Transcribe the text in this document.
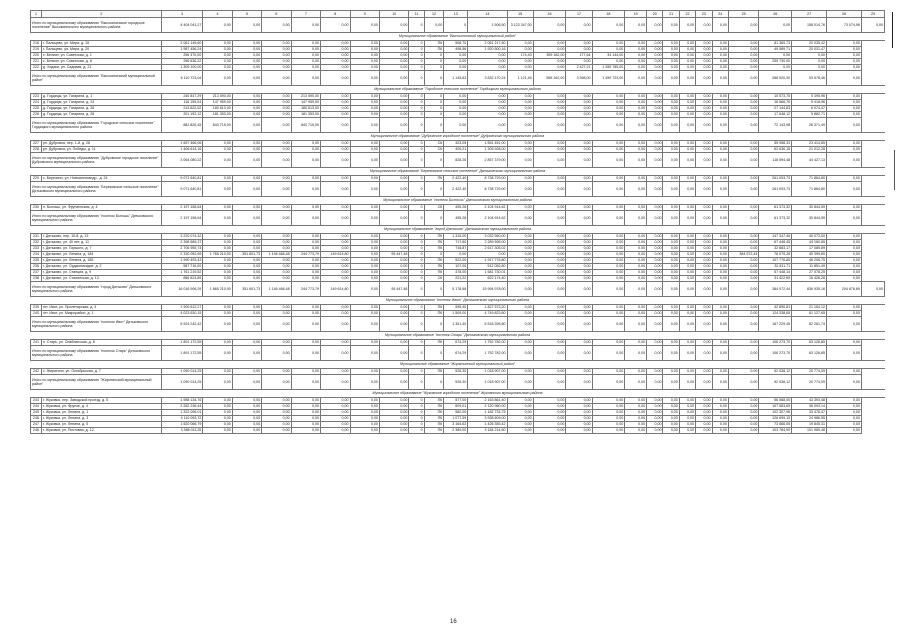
1	2	3	4	5	6	7	8	9	10	11	12	13	14	15	16	17	18	19	20	21	22	23	24	25	26	27	28	29
Итого по муниципальному образованию "Высокиничское городское поселение" Высокиничского муниципального района		4 404 041,27	0,00	0,00	0,00	0,00	0,00	0,00	0,00	0	0,00	X	1 506,50	3 123 347,00	0,00	0,00	0,00	0,00	0,00	0,00	0,00	0,00	0,00	0,00	0,00	158 014,76	73 074,96	0,00
Муниципальное образование "Высокиничский муниципальный район"																												
218	г. Пальцево, ул. Мира, д. 15	2 061 145,60	0,00	0,00	0,00	0,00	0,00	0,00	0,00	0	ПК	508,70	2 061 217,60	0,00	0,00	0,00	0,00	0,00	0,00	0,00	0,00	0,00	0,00	0,00	81 369,73	20 035,42	0,00	
219	г. Пальцево, ул. Мира, д. 20	1 987 456,24	0,00	0,00	0,00	0,00	0,00	0,00	0,00	0	ПК	498,56	1 920 500,16	0,00	0,00	0,00	0,00	0,00	0,00	0,00	0,00	0,00	0,00	0,00	49 589,71	20 031,47	0,00	
220	с. Белкин, ул. Советская, д. 1	256 370,00	0,00	0,00	0,00	0,00	0,00	0,00	0,00	0	X	0,00	0,00	174,43	359 182,00	177,64	34 144,00	0,00	0,00	0,00	0,00	0,00	0,00	0,00	0,00	0,00	0,00	
221	с. Белкин, ул. Советская, д. 8	296 636,22	0,00	0,00	0,00	0,00	0,00	0,00	0,00	0	X	0,00	0,00	0,00	0,00	0,00	0,00	0,00	0,00	0,00	0,00	0,00	0,00	0,00	259 730,00	0,00	0,00	
222	д. Ходаки, ул. Садовая, д. 21	1 309 100,00	0,00	0,00	0,00	0,00	0,00	0,00	0,00	0	X	0,00	0,00	0,00	0,00	2 427,21	1 355 785,00	0,00	0,00	0,00	0,00	0,00	0,00	0,00	0,00	0,00	0,00	
Итого по муниципальному образованию "Высокиничский муниципальный район"		6 110 723,04	0,00	0,00	0,00	0,00	0,00	0,00	0,00	0	X	1 145,62	3 832 170,24	1 121,45	565 162,00	3 398,00	1 459 723,00	0,00	0,00	0,00	0,00	0,00	0,00	0,00	286 520,30	93 578,46	0,00	
Муниципальное образование "Городское сельское поселение" Гордицкого муниципального района																												
223	д. Гордицы, ул. Гагарина, д. 1	240 847,29	213 590,00	0,00	0,00	213 590,00	0,00	0,00	0,00	0	X	0,00	0,00	0,00	0,00	0,00	0,00	0,00	0,00	0,00	0,00	0,00	0,00	0,00	10 573,75	5 395,96	0,00	
224	д. Гордицы, ул. Гагарина, д. 24	116 155,04	147 959,00	0,00	0,00	147 959,00	0,00	0,00	0,00	0	X	0,00	0,00	0,00	0,00	0,00	0,00	0,00	0,00	0,00	0,00	0,00	0,00	0,00	16 666,70	5 418,96	0,00	
225	д. Гордицы, ул. Гагарина, д. 26	214 622,02	180 613,00	0,00	0,00	180 613,00	0,00	0,00	0,00	0	X	0,00	0,00	0,00	0,00	0,00	0,00	0,00	0,00	0,00	0,00	0,00	0,00	0,00	27 144,83	6 074,47	0,00	
226	д. Гордицы, ул. Гагарина, д. 28	201 192,12	181 353,00	0,00	0,00	181 353,00	0,00	0,00	0,00	0	X	0,00	0,00	0,00	0,00	0,00	0,00	0,00	0,00	0,00	0,00	0,00	0,00	0,00	17 648,12	5 882,71	0,00	
Итого по муниципальному образованию "Городское сельское поселение" Гордицкого муниципального района		882 826,45	843 715,00	0,00	0,00	843 715,00	0,00	0,00	0,00	0	X	0,00	0,00	0,00	0,00	0,00	0,00	0,00	0,00	0,00	0,00	0,00	0,00	0,00	72 143,98	26 371,49	0,00	
Муниципальное образование "Дубровское городское поселение" Дубровского муниципального района																												
227	рп. Дубровка, пер. 1-й, д. 28	1 657 466,06	0,00	0,00	0,00	0,00	0,00	0,00	0,00	0	СК	423,05	1 551 451,00	0,00	0,00	0,00	0,00	0,00	0,00	0,00	0,00	0,00	0,00	0,00	55 958,33	23 414,85	0,00	
228	рп. Дубровка, ул. Победы, д. 11	1 406 614,16	0,00	0,00	0,00	0,00	0,00	0,00	0,00	0	СК	405,21	1 305 928,00	0,00	0,00	0,00	0,00	0,00	0,00	0,00	0,00	0,00	0,00	0,00	62 636,15	21 012,28	0,00	
Итого по муниципальному образованию "Дубровское городское поселение" Дубровского муниципального района		3 064 080,22	0,00	0,00	0,00	0,00	0,00	0,00	0,00	0	X	828,26	2 857 379,00	0,00	0,00	0,00	0,00	0,00	0,00	0,00	0,00	0,00	0,00	0,00	118 594,48	44 427,13	0,00	
Муниципальное образование "Березовское сельское поселение" Дятьковского муниципального района																												
229	с. Березино, ул. Новоалександр., д. 24	9 071 640,81	0,00	0,00	0,00	0,00	0,00	0,00	0,00	0	ПК	2 422,40	8 738 729,00	0,00	0,00	0,00	0,00	0,00	0,00	0,00	0,00	0,00	0,00	0,00	261 093,73	71 864,80	0,00	
Итого по муниципальному образованию "Березовское сельское поселение" Дятьковского муниципального района		9 071 640,81	0,00	0,00	0,00	0,00	0,00	0,00	0,00	0	X	2 422,40	8 738 729,00	0,00	0,00	0,00	0,00	0,00	0,00	0,00	0,00	0,00	0,00	0,00	261 093,73	71 864,80	0,00	
Муниципальное образование "поселок Бытошь" Дятьковского муниципального района																												
230	п. Бытошь, ул. Фрунзенская, д. 4	2 197 158,64	0,00	0,00	0,00	0,00	0,00	0,00	0,00	0	СК	495,28	2 104 914,62	0,00	0,00	0,00	0,00	0,00	0,00	0,00	0,00	0,00	0,00	0,00	61 373,32	30 844,59	0,00	
Итого по муниципальному образованию "поселок Бытошь" Дятьковского муниципального района		2 197 158,64	0,00	0,00	0,00	0,00	0,00	0,00	0,00	0	X	495,28	2 104 914,62	0,00	0,00	0,00	0,00	0,00	0,00	0,00	0,00	0,00	0,00	0,00	61 373,32	30 844,59	0,00	
Муниципальное образование "город Дятьково" Дятьковского муниципального района																												
231	г. Дятьково, пер. 10-й, д. 13	3 220 074,32	0,00	0,00	0,00	0,00	0,00	0,00	0,00	0	ПК	1 315,00	3 032 560,00	0,00	0,00	0,00	0,00	0,00	0,00	0,00	0,00	0,00	0,00	0,00	147 347,45	40 073,00	0,00	
232	г. Дятьково, ул. 40 лет, д. 11	2 398 585,37	0,00	0,00	0,00	0,00	0,00	0,00	0,00	0	ПК	717,60	2 289 595,00	0,00	0,00	0,00	0,00	0,00	0,00	0,00	0,00	0,00	0,00	0,00	67 448,45	44 160,85	0,00	
233	г. Дятьково, ул. Горького, д. 7	2 706 955,74	0,00	0,00	0,00	0,00	0,00	0,00	0,00	0	ПК	716,87	2 617 305,02	0,00	0,00	0,00	0,00	0,00	0,00	0,00	0,00	0,00	0,00	0,00	32 683,17	17 089,89	0,00	
234	г. Дятьково, ул. Ленина, д. 184	2 330 052,69	1 765 210,00	351 601,73	1 146 466,48	244 773,79	149 614,80	0,00	95 447,48	0	X	0,00	0,00	0,00	0,00	0,00	0,00	0,00	0,00	0,00	0,00	0,00	0,00	384 972,44	76 075,28	40 399,60	0,00	
235	г. Дятьково, ул. Ленина, д. 185	1 990 493,43	0,00	0,00	0,00	0,00	0,00	0,00	0,00	0	ПК	522,00	1 917 776,80	0,00	0,00	0,00	0,00	0,00	0,00	0,00	0,00	0,00	0,00	0,00	107 776,80	46 206,75	0,00	
236	г. Дятьково, ул. Орджоникидзе, д. 2	587 716,00	0,00	0,00	0,00	0,00	0,00	0,00	0,00	0	ПК	107,00	512 052,80	0,00	0,00	0,00	0,00	0,00	0,00	0,00	0,00	0,00	0,00	0,00	32 811,71	11 851,49	0,00	
237	г. Дятьково, ул. Станция, д. 9	1 761 219,52	0,00	0,00	0,00	0,00	0,00	0,00	0,00	0	ПК	478,00	1 681 730,01	0,00	0,00	0,00	0,00	0,00	0,00	0,00	0,00	0,00	0,00	0,00	57 448,14	27 078,25	0,00	
238	г. Дятьково, ул. Сталинская, д. 13	656 624,89	0,00	0,00	0,00	0,00	0,00	0,00	0,00	0	СК	221,22	622 174,40	0,00	0,00	0,00	0,00	0,00	0,00	0,00	0,00	0,00	0,00	0,00	31 422,60	16 426,28	0,00	
Итого по муниципальному образованию "город Дятьково" Дятьковского муниципального района		16 016 906,29	1 865 210,00	351 601,73	1 146 466,48	244 773,79	149 614,80	0,00	95 447,48	0	X	5 178,68	15 994 978,00	0,00	0,00	0,00	0,00	0,00	0,00	0,00	0,00	0,00	0,00	0,00	384 972,44	836 935,16	204 678,69	0,00
Муниципальное образование "поселок Ивот" Дятьковского муниципального района																												
239	пгт. Ивот, ул. Пролетарская, д. 4	1 900 612,27	0,00	0,00	0,00	0,00	0,00	0,00	0,00	0	ПК	595,40	1 827 573,20	0,00	0,00	0,00	0,00	0,00	0,00	0,00	0,00	0,00	0,00	0,00	42 890,81	21 154,12	0,00	
240	пгт. Ивот, ул. Микрорайон, д. 1	4 023 630,15	0,00	0,00	0,00	0,00	0,00	0,00	0,00	0	ПК	1 509,00	4 749 823,60	0,00	0,00	0,00	0,00	0,00	0,00	0,00	0,00	0,00	0,00	0,00	124 338,65	61 127,65	0,00	
Итого по муниципальному образованию "поселок Ивот" Дятьковского муниципального района		5 924 242,42	0,00	0,00	0,00	0,00	0,00	0,00	0,00	0	X	1 351,40	5 518 395,80	0,00	0,00	0,00	0,00	0,00	0,00	0,00	0,00	0,00	0,00	0,00	167 229,45	82 281,74	0,00	
Муниципальное образование "поселок Старь" Дятьковского муниципального района																												
241	п. Старь, ул. Снаблинская, д. 8	1 891 172,55	0,00	0,00	0,00	0,00	0,00	0,00	0,00	0	ПК	674,29	1 752 782,00	0,00	0,00	0,00	0,00	0,00	0,00	0,00	0,00	0,00	0,00	0,00	106 273,70	63 126,85	0,00	
Итого по муниципальному образованию "поселок Старь" Дятьковского муниципального района		1 891 172,55	0,00	0,00	0,00	0,00	0,00	0,00	0,00	0	X	674,29	1 752 782,00	0,00	0,00	0,00	0,00	0,00	0,00	0,00	0,00	0,00	0,00	0,00	106 273,70	63 126,85	0,00	
Муниципальное образование "Жирятинский муниципальный район"																												
242	с. Жирятино, ул. Октябрьская, д. 7	1 090 014,25	0,00	0,00	0,00	0,00	0,00	0,00	0,00	0	ПК	526,30	1 018 907,00	0,00	0,00	0,00	0,00	0,00	0,00	0,00	0,00	0,00	0,00	0,00	52 538,12	20 774,09	0,00	
Итого по муниципальному образованию "Жирятинский муниципальный район"		1 090 014,25	0,00	0,00	0,00	0,00	0,00	0,00	0,00	0	X	526,30	1 018 907,00	0,00	0,00	0,00	0,00	0,00	0,00	0,00	0,00	0,00	0,00	0,00	52 538,12	20 774,09	0,00	
Муниципальное образование "Жуковское городское поселение" Жуковского муниципального района																												
243	г. Жуковка, пер. Заводской проезд, д. 5	1 988 134,76	0,00	0,00	0,00	0,00	0,00	0,00	0,00	0	ПК	577,00	2 163 861,40	0,00	0,00	0,00	0,00	0,00	0,00	0,00	0,00	0,00	0,00	0,00	56 568,00	43 393,48	0,00	
244	г. Жуковка, ул. Фрунзе, д. 4	2 282 236,44	0,00	0,00	0,00	0,00	0,00	0,00	0,00	0	ПК	609,01	2 120 960,00	0,00	0,00	0,00	0,00	0,00	0,00	0,00	0,00	0,00	0,00	0,00	107 583,65	36 093,14	0,00	
245	г. Жуковка, ул. Ленина, д. 1	1 322 096,01	0,00	0,00	0,00	0,00	0,00	0,00	0,00	0	ПК	580,00	1 182 734,75	0,00	0,00	0,00	0,00	0,00	0,00	0,00	0,00	0,00	0,00	0,00	102 307,96	33 478,47	0,00	
246	г. Жуковка, ул. Ленина, д. 3	4 110 093,72	0,00	0,00	0,00	0,00	0,00	0,00	0,00	0	ПК	1 077,59	3 938 609,00	0,00	0,00	0,00	0,00	0,00	0,00	0,00	0,00	0,00	0,00	0,00	126 699,15	24 986,55	0,00	
247	г. Жуковка, ул. Ленина, д. 5	1 520 066,79	0,00	0,00	0,00	0,00	0,00	0,00	0,00	0	ПК	3 164,62	1 426 355,42	0,00	0,00	0,00	0,00	0,00	0,00	0,00	0,00	0,00	0,00	0,00	73 866,05	19 845,31	0,00	
248	г. Жуковка, ул. Почтовая, д. 12	3 388 011,25	0,00	0,00	0,00	0,00	0,00	0,00	0,00	0	ПК	2 380,00	3 184 214,60	0,00	0,00	0,00	0,00	0,00	0,00	0,00	0,00	0,00	0,00	0,00	103 784,90	101 985,48	0,00	
16
